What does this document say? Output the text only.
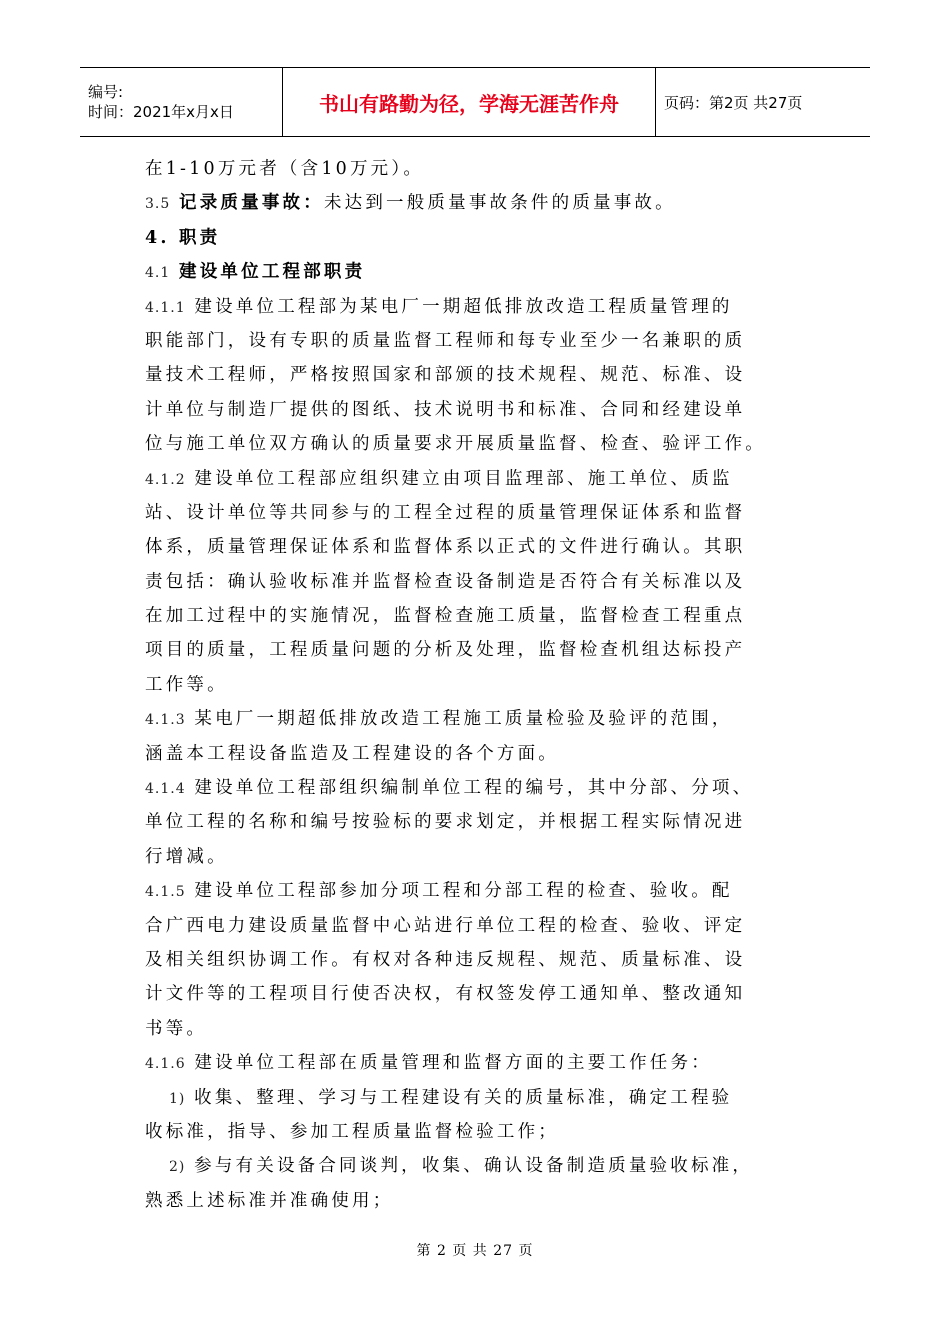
编号:
时间：2021年x月x日	书山有路勤为径，学海无涯苦作舟	页码：第2页 共27页
在1-10万元者（含10万元）。
3.5 记录质量事故：未达到一般质量事故条件的质量事故。
4. 职责
4.1 建设单位工程部职责
4.1.1 建设单位工程部为某电厂一期超低排放改造工程质量管理的
职能部门，设有专职的质量监督工程师和每专业至少一名兼职的质
量技术工程师，严格按照国家和部颁的技术规程、规范、标准、设
计单位与制造厂提供的图纸、技术说明书和标准、合同和经建设单
位与施工单位双方确认的质量要求开展质量监督、检查、验评工作。
4.1.2 建设单位工程部应组织建立由项目监理部、施工单位、质监
站、设计单位等共同参与的工程全过程的质量管理保证体系和监督
体系，质量管理保证体系和监督体系以正式的文件进行确认。其职
责包括：确认验收标准并监督检查设备制造是否符合有关标准以及
在加工过程中的实施情况，监督检查施工质量，监督检查工程重点
项目的质量，工程质量问题的分析及处理，监督检查机组达标投产
工作等。
4.1.3 某电厂一期超低排放改造工程施工质量检验及验评的范围，
涵盖本工程设备监造及工程建设的各个方面。
4.1.4 建设单位工程部组织编制单位工程的编号，其中分部、分项、
单位工程的名称和编号按验标的要求划定，并根据工程实际情况进
行增减。
4.1.5 建设单位工程部参加分项工程和分部工程的检查、验收。配
合广西电力建设质量监督中心站进行单位工程的检查、验收、评定
及相关组织协调工作。有权对各种违反规程、规范、质量标准、设
计文件等的工程项目行使否决权，有权签发停工通知单、整改通知
书等。
4.1.6 建设单位工程部在质量管理和监督方面的主要工作任务：
1) 收集、整理、学习与工程建设有关的质量标准，确定工程验
收标准，指导、参加工程质量监督检验工作；
2) 参与有关设备合同谈判，收集、确认设备制造质量验收标准，
熟悉上述标准并准确使用；
第 2 页 共 27 页
